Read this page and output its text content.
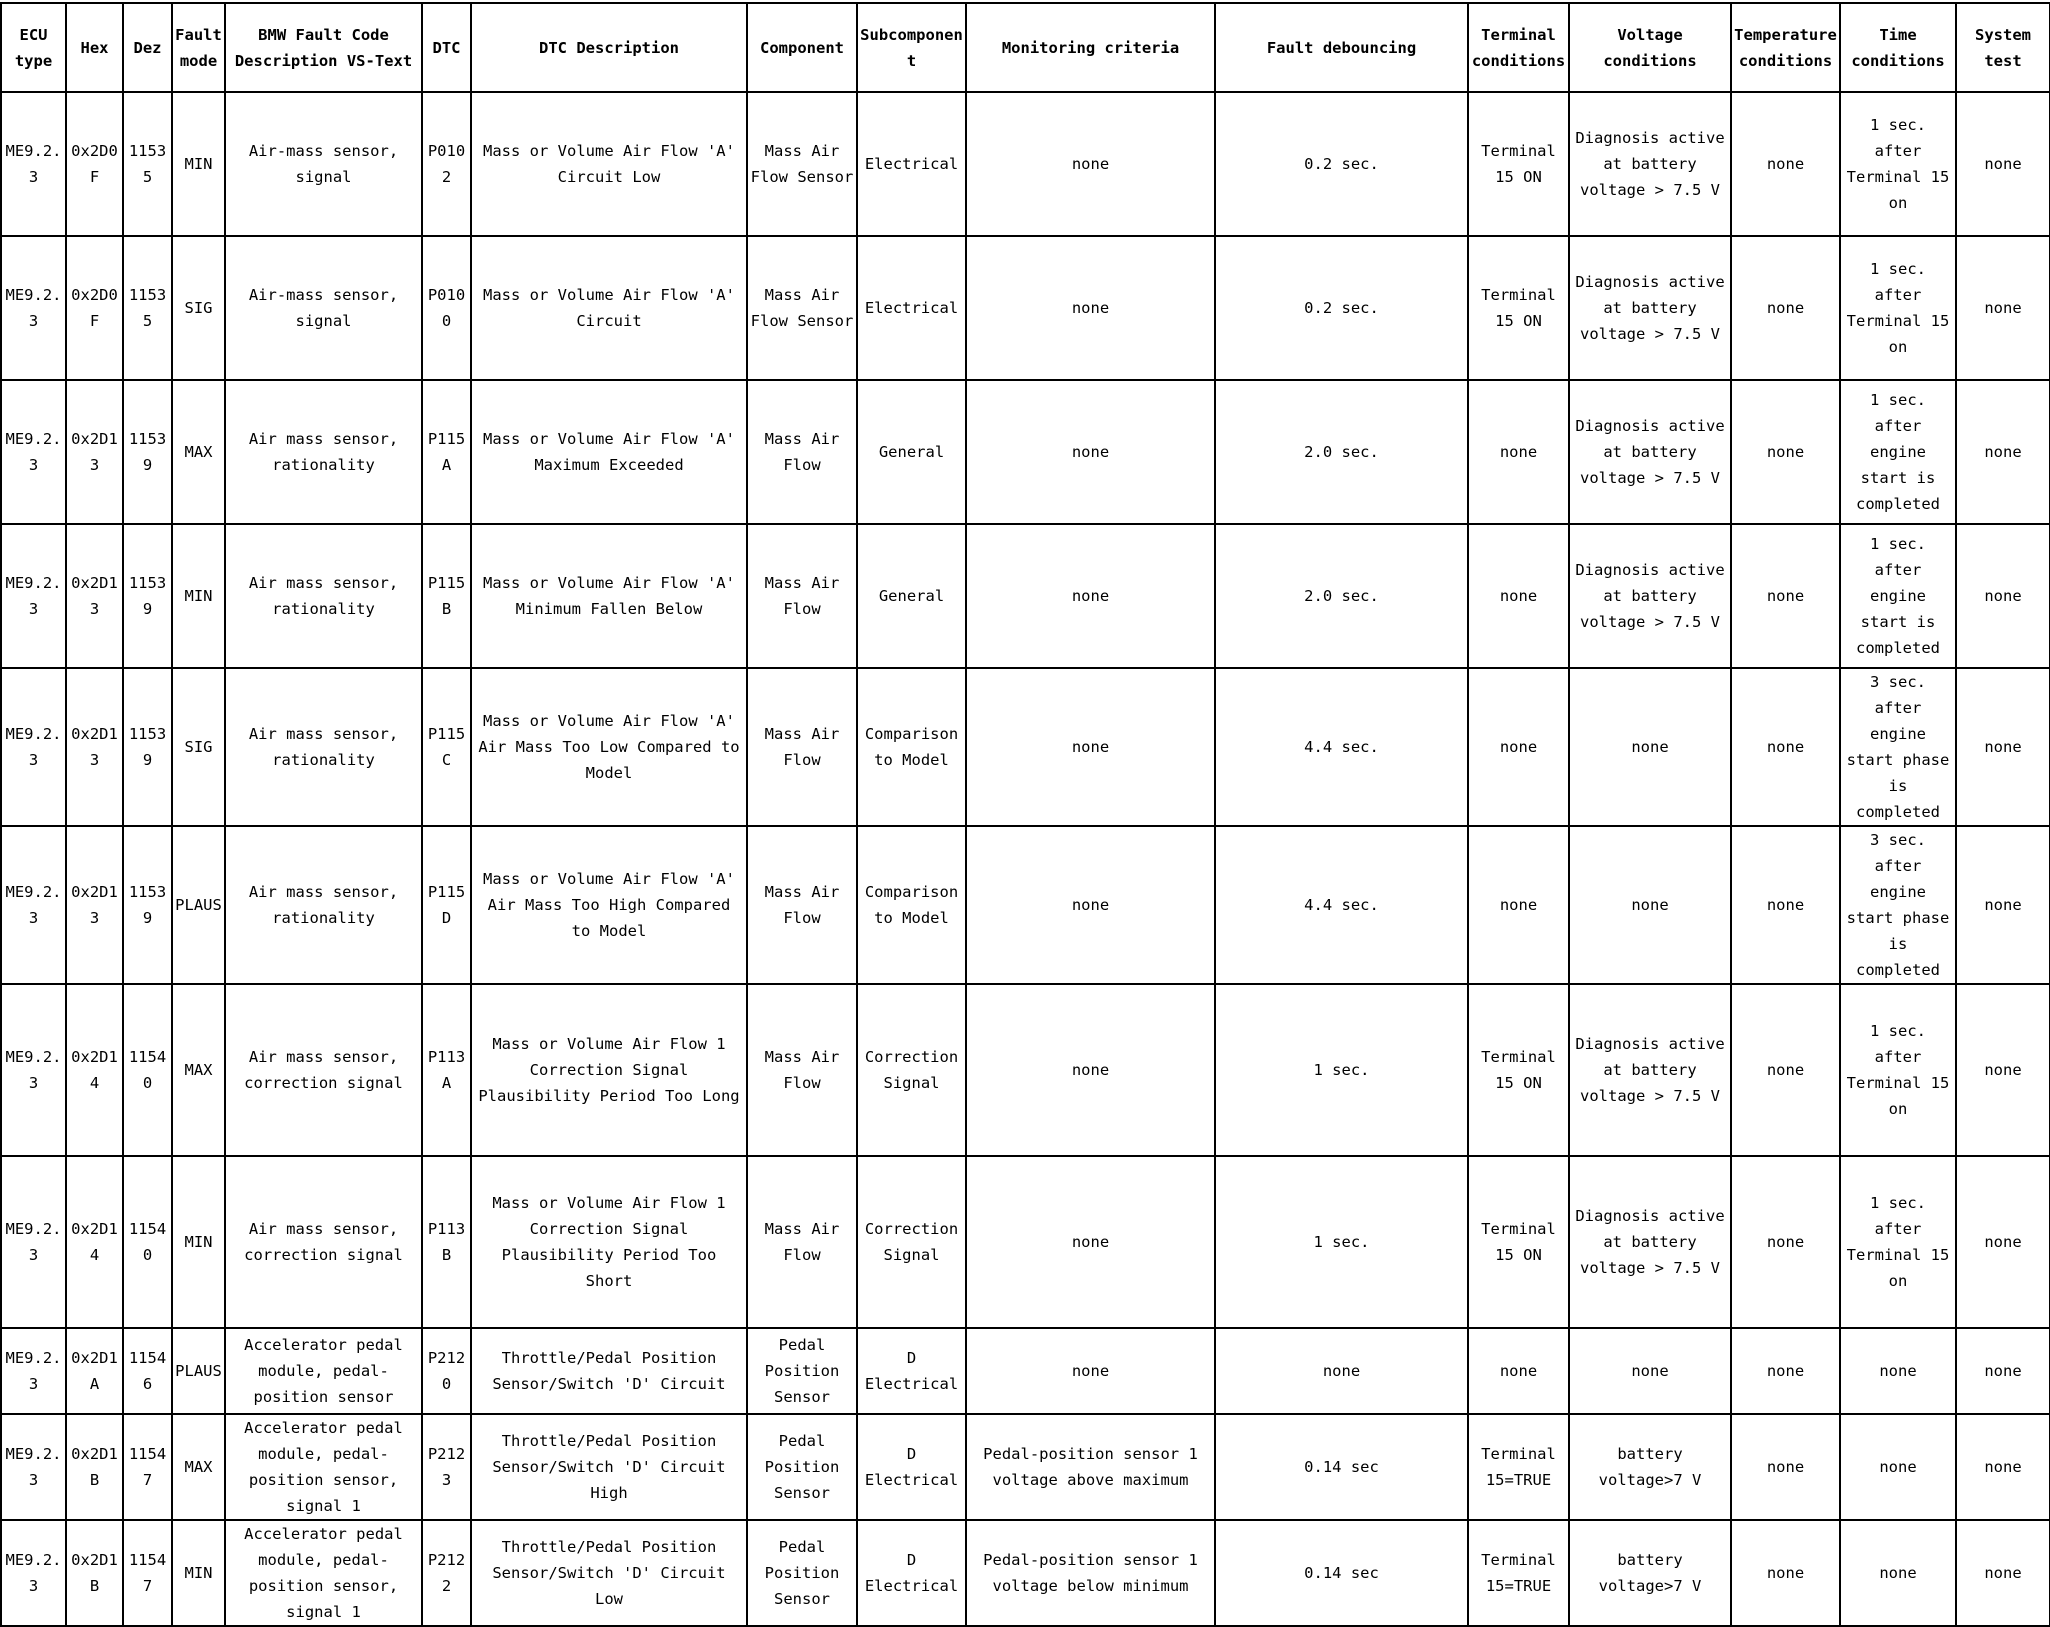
ECU type	Hex	Dez	Fault mode	BMW Fault Code Description VS-Text	DTC	DTC Description	Component	Subcomponent	Monitoring criteria	Fault debouncing	Terminal conditions	Voltage conditions	Temperature conditions	Time conditions	System test
ME9.2.3	0x2D0F	11535	MIN	Air-mass sensor, signal	P0102	Mass or Volume Air Flow 'A' Circuit Low	Mass Air Flow Sensor	Electrical	none	0.2 sec.	Terminal 15 ON	Diagnosis active at battery voltage > 7.5 V	none	1 sec. after Terminal 15 on	none
ME9.2.3	0x2D0F	11535	SIG	Air-mass sensor, signal	P0100	Mass or Volume Air Flow 'A' Circuit	Mass Air Flow Sensor	Electrical	none	0.2 sec.	Terminal 15 ON	Diagnosis active at battery voltage > 7.5 V	none	1 sec. after Terminal 15 on	none
ME9.2.3	0x2D13	11539	MAX	Air mass sensor, rationality	P115A	Mass or Volume Air Flow 'A' Maximum Exceeded	Mass Air Flow	General	none	2.0 sec.	none	Diagnosis active at battery voltage > 7.5 V	none	1 sec. after engine start is completed	none
ME9.2.3	0x2D13	11539	MIN	Air mass sensor, rationality	P115B	Mass or Volume Air Flow 'A' Minimum Fallen Below	Mass Air Flow	General	none	2.0 sec.	none	Diagnosis active at battery voltage > 7.5 V	none	1 sec. after engine start is completed	none
ME9.2.3	0x2D13	11539	SIG	Air mass sensor, rationality	P115C	Mass or Volume Air Flow 'A' Air Mass Too Low Compared to Model	Mass Air Flow	Comparison to Model	none	4.4 sec.	none	none	none	3 sec. after engine start phase is completed	none
ME9.2.3	0x2D13	11539	PLAUS	Air mass sensor, rationality	P115D	Mass or Volume Air Flow 'A' Air Mass Too High Compared to Model	Mass Air Flow	Comparison to Model	none	4.4 sec.	none	none	none	3 sec. after engine start phase is completed	none
ME9.2.3	0x2D14	11540	MAX	Air mass sensor, correction signal	P113A	Mass or Volume Air Flow 1 Correction Signal Plausibility Period Too Long	Mass Air Flow	Correction Signal	none	1 sec.	Terminal 15 ON	Diagnosis active at battery voltage > 7.5 V	none	1 sec. after Terminal 15 on	none
ME9.2.3	0x2D14	11540	MIN	Air mass sensor, correction signal	P113B	Mass or Volume Air Flow 1 Correction Signal Plausibility Period Too Short	Mass Air Flow	Correction Signal	none	1 sec.	Terminal 15 ON	Diagnosis active at battery voltage > 7.5 V	none	1 sec. after Terminal 15 on	none
ME9.2.3	0x2D1A	11546	PLAUS	Accelerator pedal module, pedal-position sensor	P2120	Throttle/Pedal Position Sensor/Switch 'D' Circuit	Pedal Position Sensor	D Electrical	none	none	none	none	none	none	none
ME9.2.3	0x2D1B	11547	MAX	Accelerator pedal module, pedal-position sensor, signal 1	P2123	Throttle/Pedal Position Sensor/Switch 'D' Circuit High	Pedal Position Sensor	D Electrical	Pedal-position sensor 1 voltage above maximum	0.14 sec	Terminal 15=TRUE	battery voltage>7 V	none	none	none
ME9.2.3	0x2D1B	11547	MIN	Accelerator pedal module, pedal-position sensor, signal 1	P2122	Throttle/Pedal Position Sensor/Switch 'D' Circuit Low	Pedal Position Sensor	D Electrical	Pedal-position sensor 1 voltage below minimum	0.14 sec	Terminal 15=TRUE	battery voltage>7 V	none	none	none
